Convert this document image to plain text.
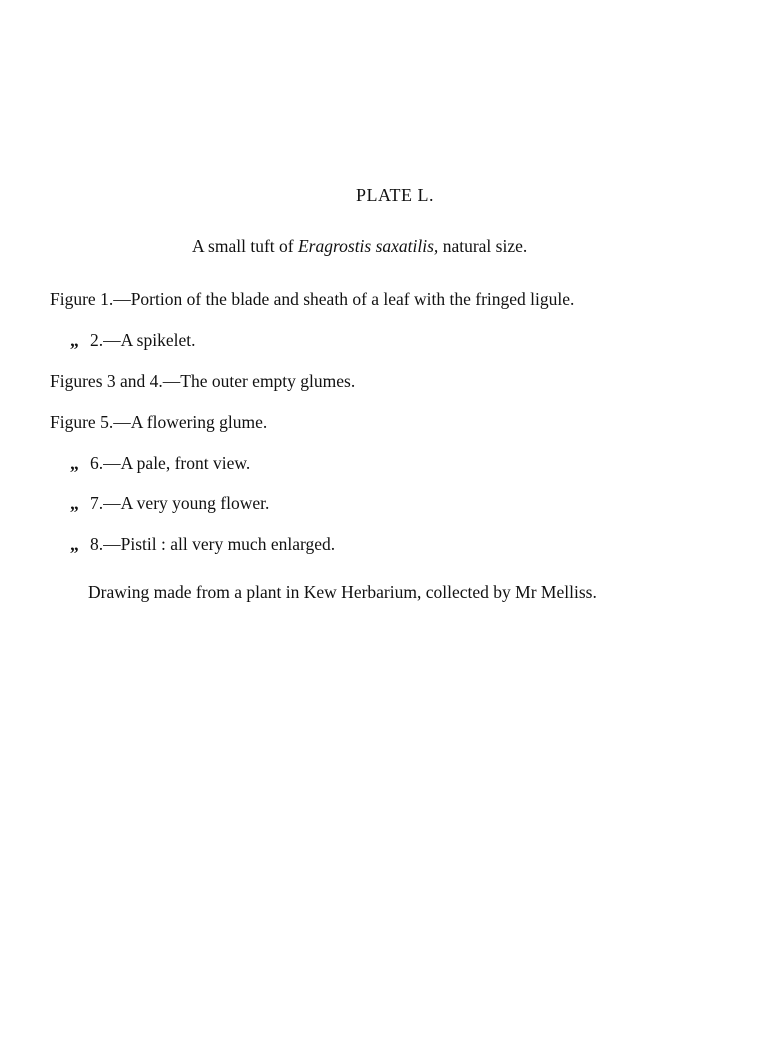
PLATE L.
A small tuft of Eragrostis saxatilis, natural size.
Figure 1.—Portion of the blade and sheath of a leaf with the fringed ligule.
„ 2.—A spikelet.
Figures 3 and 4.—The outer empty glumes.
Figure 5.—A flowering glume.
„ 6.—A pale, front view.
„ 7.—A very young flower.
„ 8.—Pistil : all very much enlarged.
Drawing made from a plant in Kew Herbarium, collected by Mr Melliss.
